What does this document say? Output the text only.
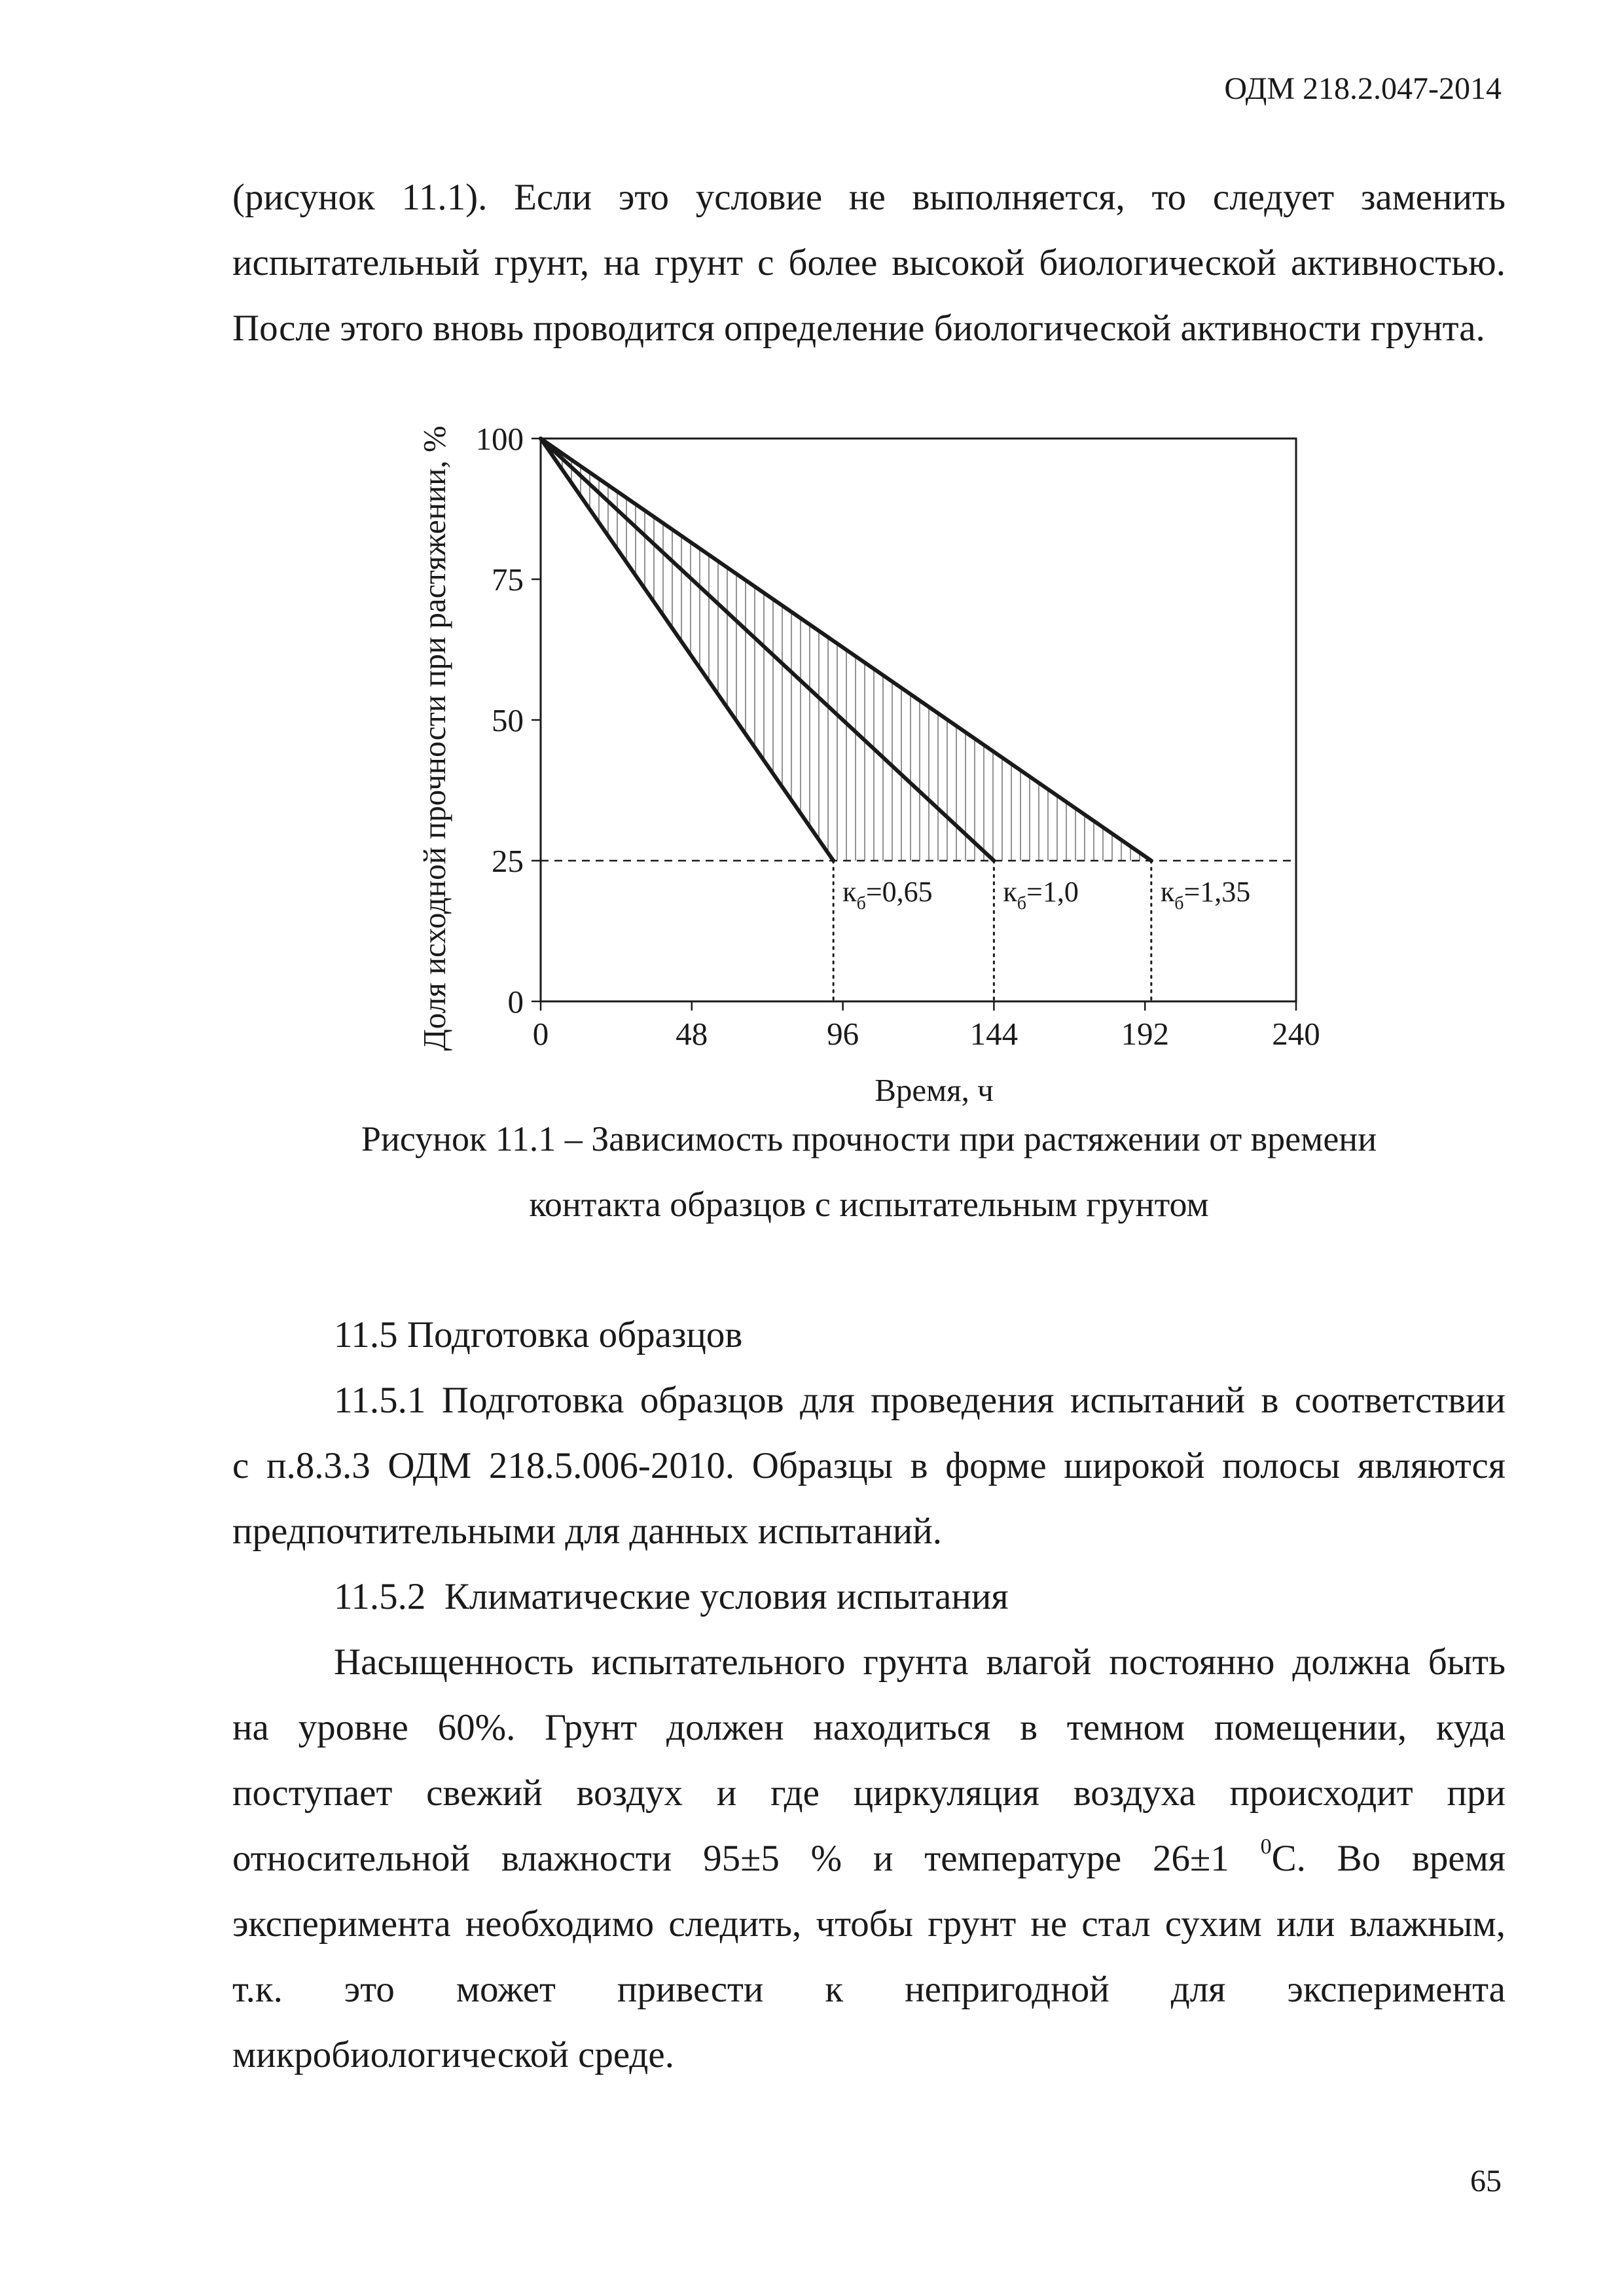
ОДМ 218.2.047-2014
(рисунок 11.1). Если это условие не выполняется, то следует заменить
испытательный грунт, на грунт с более высокой биологической активностью.
После этого вновь проводится определение биологической активности грунта.
0
25
50
75
100
0	48	96	144	192	240
$к_б=0,65$ $к_б=1,0$	$к_б=1,35$
Доля исходной прочности при растяжении, %
Время, ч
Рисунок 11.1 – Зависимость прочности при растяжении от времени
контакта образцов с испытательным грунтом
11.5 Подготовка образцов
11.5.1 Подготовка образцов для проведения испытаний в соответствии
с п.8.3.3 ОДМ 218.5.006-2010. Образцы в форме широкой полосы являются
предпочтительными для данных испытаний.
11.5.2  Климатические условия испытания
Насыщенность испытательного грунта влагой постоянно должна быть
на уровне 60%. Грунт должен находиться в темном помещении, куда
поступает свежий воздух и где циркуляция воздуха происходит при
относительной влажности 95±5 % и температуре 26±1 $^0$С. Во время
эксперимента необходимо следить, чтобы грунт не стал сухим или влажным,
т.к. это может привести к непригодной для эксперимента
микробиологической среде.
65
